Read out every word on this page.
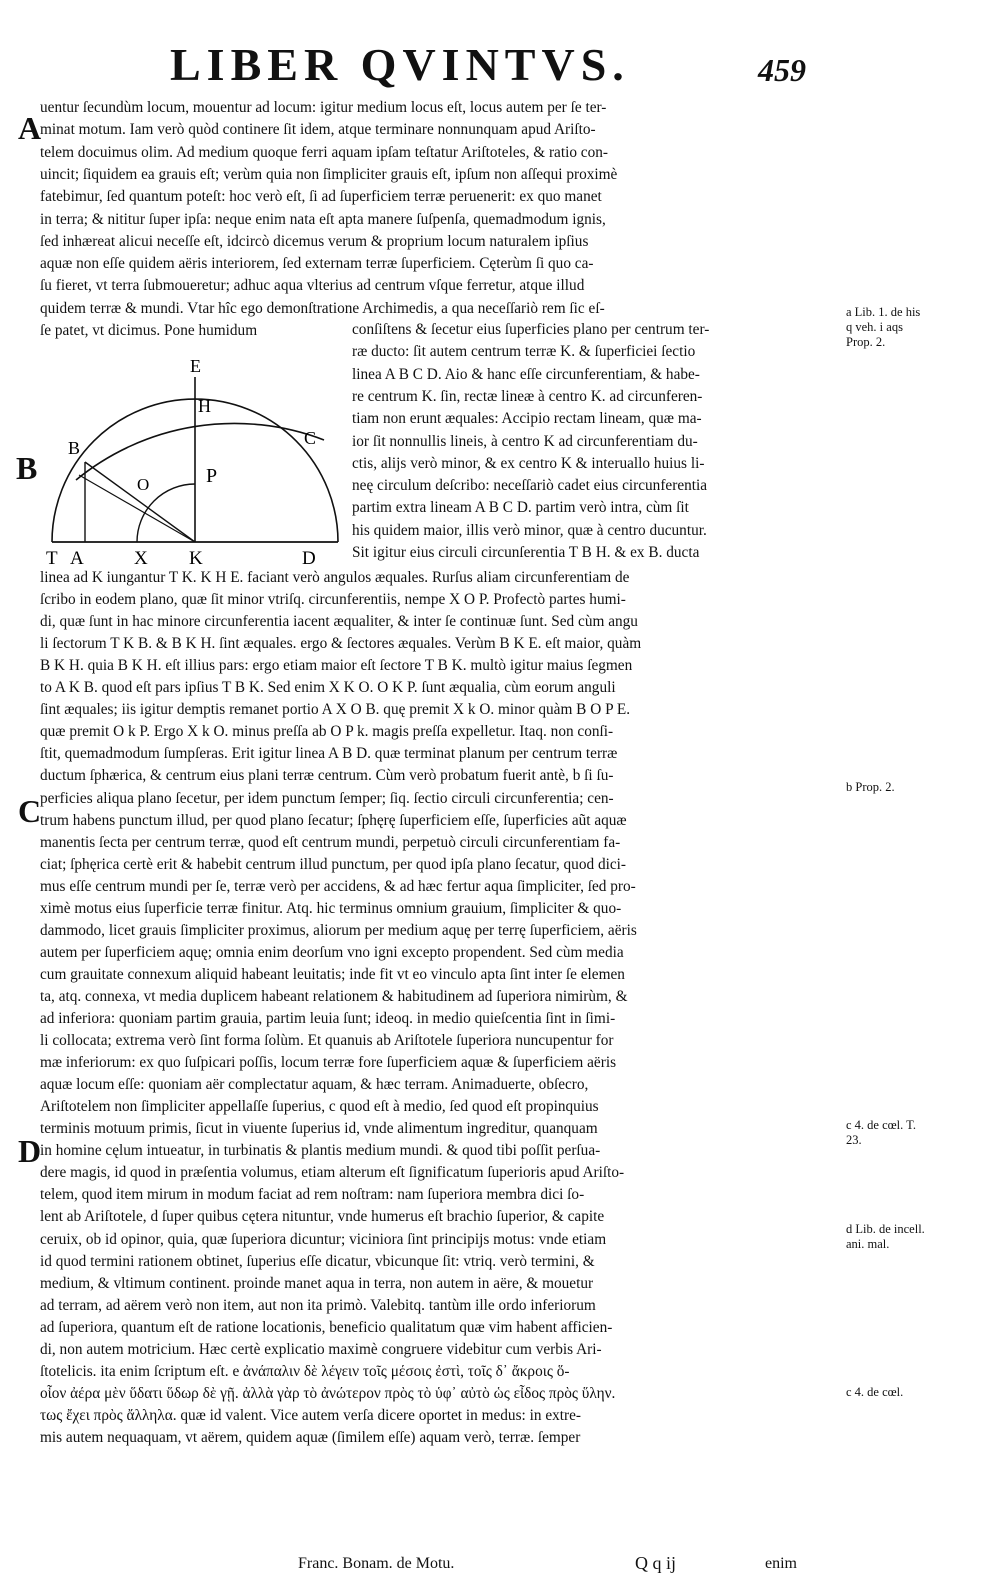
LIBER QVINTVS.	459
A
B
C
D
a Lib. 1. de his q veh. i aqs Prop. 2.
b Prop. 2.
c 4. de cœl. T. 23.
d Lib. de incell. ani. mal.
c 4. de cœl.
E
H
B	C
O	P
T A	X K	D
uentur ſecundùm locum, mouentur ad locum: igitur medium locus eſt, locus autem per ſe ter-
minat motum. Iam verò quòd continere ſit idem, atque terminare nonnunquam apud Ariſto-
telem docuimus olim. Ad medium quoque ferri aquam ipſam teſtatur Ariſtoteles, & ratio con-
uincit; ſiquidem ea grauis eſt; verùm quia non ſimpliciter grauis eſt, ipſum non aſſequi proximè
fatebimur, ſed quantum poteſt: hoc verò eſt, ſi ad ſuperficiem terræ peruenerit: ex quo manet
in terra; & nititur ſuper ipſa: neque enim nata eſt apta manere ſuſpenſa, quemadmodum ignis,
ſed inhæreat alicui neceſſe eſt, idcircò dicemus verum & proprium locum naturalem ipſius
aquæ non eſſe quidem aëris interiorem, ſed externam terræ ſuperficiem. Cęterùm ſi quo ca-
ſu fieret, vt terra ſubmoueretur; adhuc aqua vlterius ad centrum vſque ferretur, atque illud
quidem terræ & mundi. Vtar hîc ego demonſtratione Archimedis, a qua neceſſariò rem ſic eſ-
ſe patet, vt dicimus. Pone humidum	conſiſtens & ſecetur eius ſuperficies plano per centrum ter-
ræ ducto: ſit autem centrum terræ K. & ſuperficiei ſectio
linea A B C D. Aio & hanc eſſe circunferentiam, & habe-
re centrum K. ſin, rectæ lineæ à centro K. ad circunferen-
tiam non erunt æquales: Accipio rectam lineam, quæ ma-
ior ſit nonnullis lineis, à centro K ad circunferentiam du-
ctis, alijs verò minor, & ex centro K & interuallo huius li-
neę circulum deſcribo: neceſſariò cadet eius circunferentia
partim extra lineam A B C D. partim verò intra, cùm ſit
his quidem maior, illis verò minor, quæ à centro ducuntur.
Sit igitur eius circuli circunſerentia T B H. & ex B. ducta
linea ad K iungantur T K. K H E. faciant verò angulos æquales. Rurſus aliam circunferentiam de
ſcribo in eodem plano, quæ ſit minor vtriſq. circunferentiis, nempe X O P. Profectò partes humi-
di, quæ ſunt in hac minore circunferentia iacent æqualiter, & inter ſe continuæ ſunt. Sed cùm angu
li ſectorum T K B. & B K H. ſint æquales. ergo & ſectores æquales. Verùm B K E. eſt maior, quàm
B K H. quia B K H. eſt illius pars: ergo etiam maior eſt ſectore T B K. multò igitur maius ſegmen
to A K B. quod eſt pars ipſius T B K. Sed enim X K O. O K P. ſunt æqualia, cùm eorum anguli
ſint æquales; iis igitur demptis remanet portio A X O B. quę premit X k O. minor quàm B O P E.
quæ premit O k P. Ergo X k O. minus preſſa ab O P k. magis preſſa expelletur. Itaq. non conſi-
ſtit, quemadmodum ſumpſeras. Erit igitur linea A B D. quæ terminat planum per centrum terræ
ductum ſphærica, & centrum eius plani terræ centrum. Cùm verò probatum fuerit antè, b ſi ſu-
perficies aliqua plano ſecetur, per idem punctum ſemper; ſiq. ſectio circuli circunferentia; cen-
trum habens punctum illud, per quod plano ſecatur; ſphęrę ſuperficiem eſſe, ſuperficies aũt aquæ
manentis ſecta per centrum terræ, quod eſt centrum mundi, perpetuò circuli circunferentiam fa-
ciat; ſphęrica certè erit & habebit centrum illud punctum, per quod ipſa plano ſecatur, quod dici-
mus eſſe centrum mundi per ſe, terræ verò per accidens, & ad hæc fertur aqua ſimpliciter, ſed pro-
ximè motus eius ſuperficie terræ finitur. Atq. hic terminus omnium grauium, ſimpliciter & quo-
dammodo, licet grauis ſimpliciter proximus, aliorum per medium aquę per terrę ſuperficiem, aëris
autem per ſuperficiem aquę; omnia enim deorſum vno igni excepto propendent. Sed cùm media
cum grauitate connexum aliquid habeant leuitatis; inde fit vt eo vinculo apta ſint inter ſe elemen
ta, atq. connexa, vt media duplicem habeant relationem & habitudinem ad ſuperiora nimirùm, &
ad inferiora: quoniam partim grauia, partim leuia ſunt; ideoq. in medio quieſcentia ſint in ſimi-
li collocata; extrema verò ſint forma ſolùm. Et quanuis ab Ariſtotele ſuperiora nuncupentur for
mæ inferiorum: ex quo ſuſpicari poſſis, locum terræ fore ſuperficiem aquæ & ſuperficiem aëris
aquæ locum eſſe: quoniam aër complectatur aquam, & hæc terram. Animaduerte, obſecro,
Ariſtotelem non ſimpliciter appellaſſe ſuperius, c quod eſt à medio, ſed quod eſt propinquius
terminis motuum primis, ſicut in viuente ſuperius id, vnde alimentum ingreditur, quanquam
in homine cęlum intueatur, in turbinatis & plantis medium mundi. & quod tibi poſſit perſua-
dere magis, id quod in præſentia volumus, etiam alterum eſt ſignificatum ſuperioris apud Ariſto-
telem, quod item mirum in modum faciat ad rem noſtram: nam ſuperiora membra dici ſo-
lent ab Ariſtotele, d ſuper quibus cętera nituntur, vnde humerus eſt brachio ſuperior, & capite
ceruix, ob id opinor, quia, quæ ſuperiora dicuntur; viciniora ſint principijs motus: vnde etiam
id quod termini rationem obtinet, ſuperius eſſe dicatur, vbicunque ſit: vtriq. verò termini, &
medium, & vltimum continent. proinde manet aqua in terra, non autem in aëre, & mouetur
ad terram, ad aërem verò non item, aut non ita primò. Valebitq. tantùm ille ordo inferiorum
ad ſuperiora, quantum eſt de ratione locationis, beneficio qualitatum quæ vim habent afficien-
di, non autem motricium. Hæc certè explicatio maximè congruere videbitur cum verbis Ari-
ſtotelicis. ita enim ſcriptum eſt. e ἀνάπαλιν δὲ λέγειν τοῖς μέσοις ἐστὶ, τοῖς δ᾽ ἄκροις ὅ-
οἷον ἀέρα μὲν ὕδατι ὕδωρ δὲ γῇ. ἀλλὰ γὰρ τὸ ἀνώτερον πρὸς τὸ ὑφ᾽ αὐτὸ ὡς εἶδος πρὸς ὕλην.
τως ἔχει πρὸς ἄλληλα. quæ id valent. Vice autem verſa dicere oportet in medus: in extre-
mis autem nequaquam, vt aërem, quidem aquæ (ſimilem eſſe) aquam verò, terræ. ſemper
Franc. Bonam. de Motu.	Q q ij	enim
